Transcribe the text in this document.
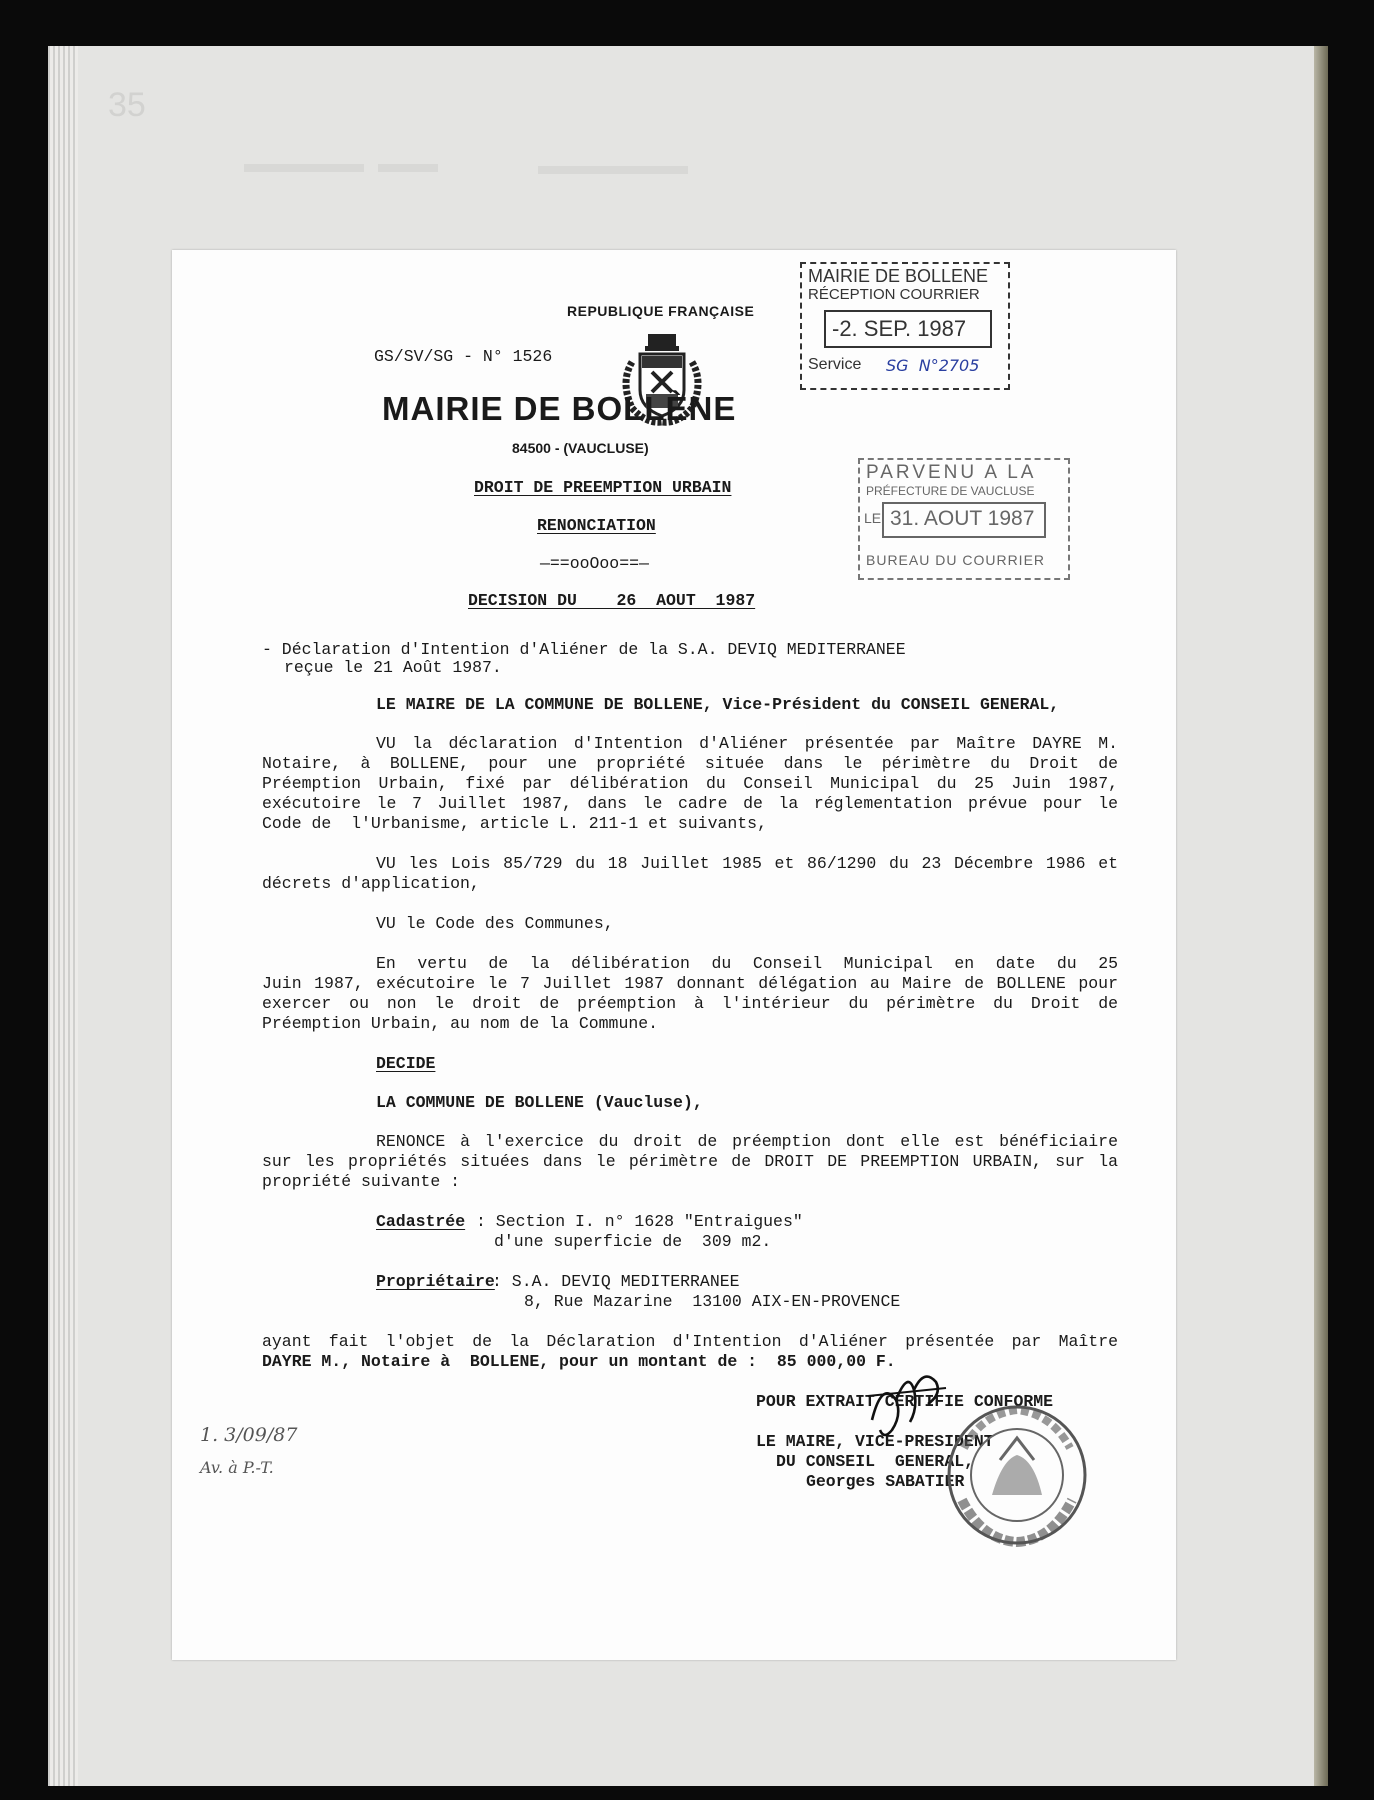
35
REPUBLIQUE FRANÇAISE
GS/SV/SG - N° 1526
MAIRIE DE BOLLÈNE
84500 - (VAUCLUSE)
DROIT DE PREEMPTION URBAIN
RENONCIATION
—==ooOoo==—
DECISION DU    26  AOUT  1987
MAIRIE DE BOLLENE
RÉCEPTION COURRIER

-2. SEP. 1987

Service SG  N°2705
PARVENU A LA
PRÉFECTURE DE VAUCLUSE
LE

31. AOUT 1987

BUREAU DU COURRIER
- Déclaration d'Intention d'Aliéner de la S.A. DEVIQ MEDITERRANEE
reçue le 21 Août 1987.
LE MAIRE DE LA COMMUNE DE BOLLENE, Vice-Président du CONSEIL GENERAL,
VU la déclaration d'Intention d'Aliéner présentée par Maître DAYRE M.
Notaire, à BOLLENE, pour une propriété située dans le périmètre du Droit de
Préemption Urbain, fixé par délibération du Conseil Municipal du 25 Juin 1987,
exécutoire le 7 Juillet 1987, dans le cadre de la réglementation prévue pour le
Code de  l'Urbanisme, article L. 211-1 et suivants,
VU les Lois 85/729 du 18 Juillet 1985 et 86/1290 du 23 Décembre 1986 et
décrets d'application,
VU le Code des Communes,
En vertu de la délibération du Conseil Municipal en date du 25
Juin 1987, exécutoire le 7 Juillet 1987 donnant délégation au Maire de BOLLENE pour
exercer ou non le droit de préemption à l'intérieur du périmètre du Droit de
Préemption Urbain, au nom de la Commune.
DECIDE
LA COMMUNE DE BOLLENE (Vaucluse),
RENONCE à l'exercice du droit de préemption dont elle est bénéficiaire
sur les propriétés situées dans le périmètre de DROIT DE PREEMPTION URBAIN, sur la
propriété suivante :
Cadastrée : Section I. n° 1628 "Entraigues"
d'une superficie de  309 m2.
Propriétaire
: S.A. DEVIQ MEDITERRANEE
8, Rue Mazarine  13100 AIX-EN-PROVENCE
ayant fait l'objet de la Déclaration d'Intention d'Aliéner présentée par Maître
DAYRE M., Notaire à  BOLLENE, pour un montant de :  85 000,00 F.
POUR EXTRAIT CERTIFIE CONFORME
LE MAIRE, VICE-PRESIDENT
DU CONSEIL  GENERAL,
Georges SABATIER
1. 3/09/87
Av. à P.-T.
